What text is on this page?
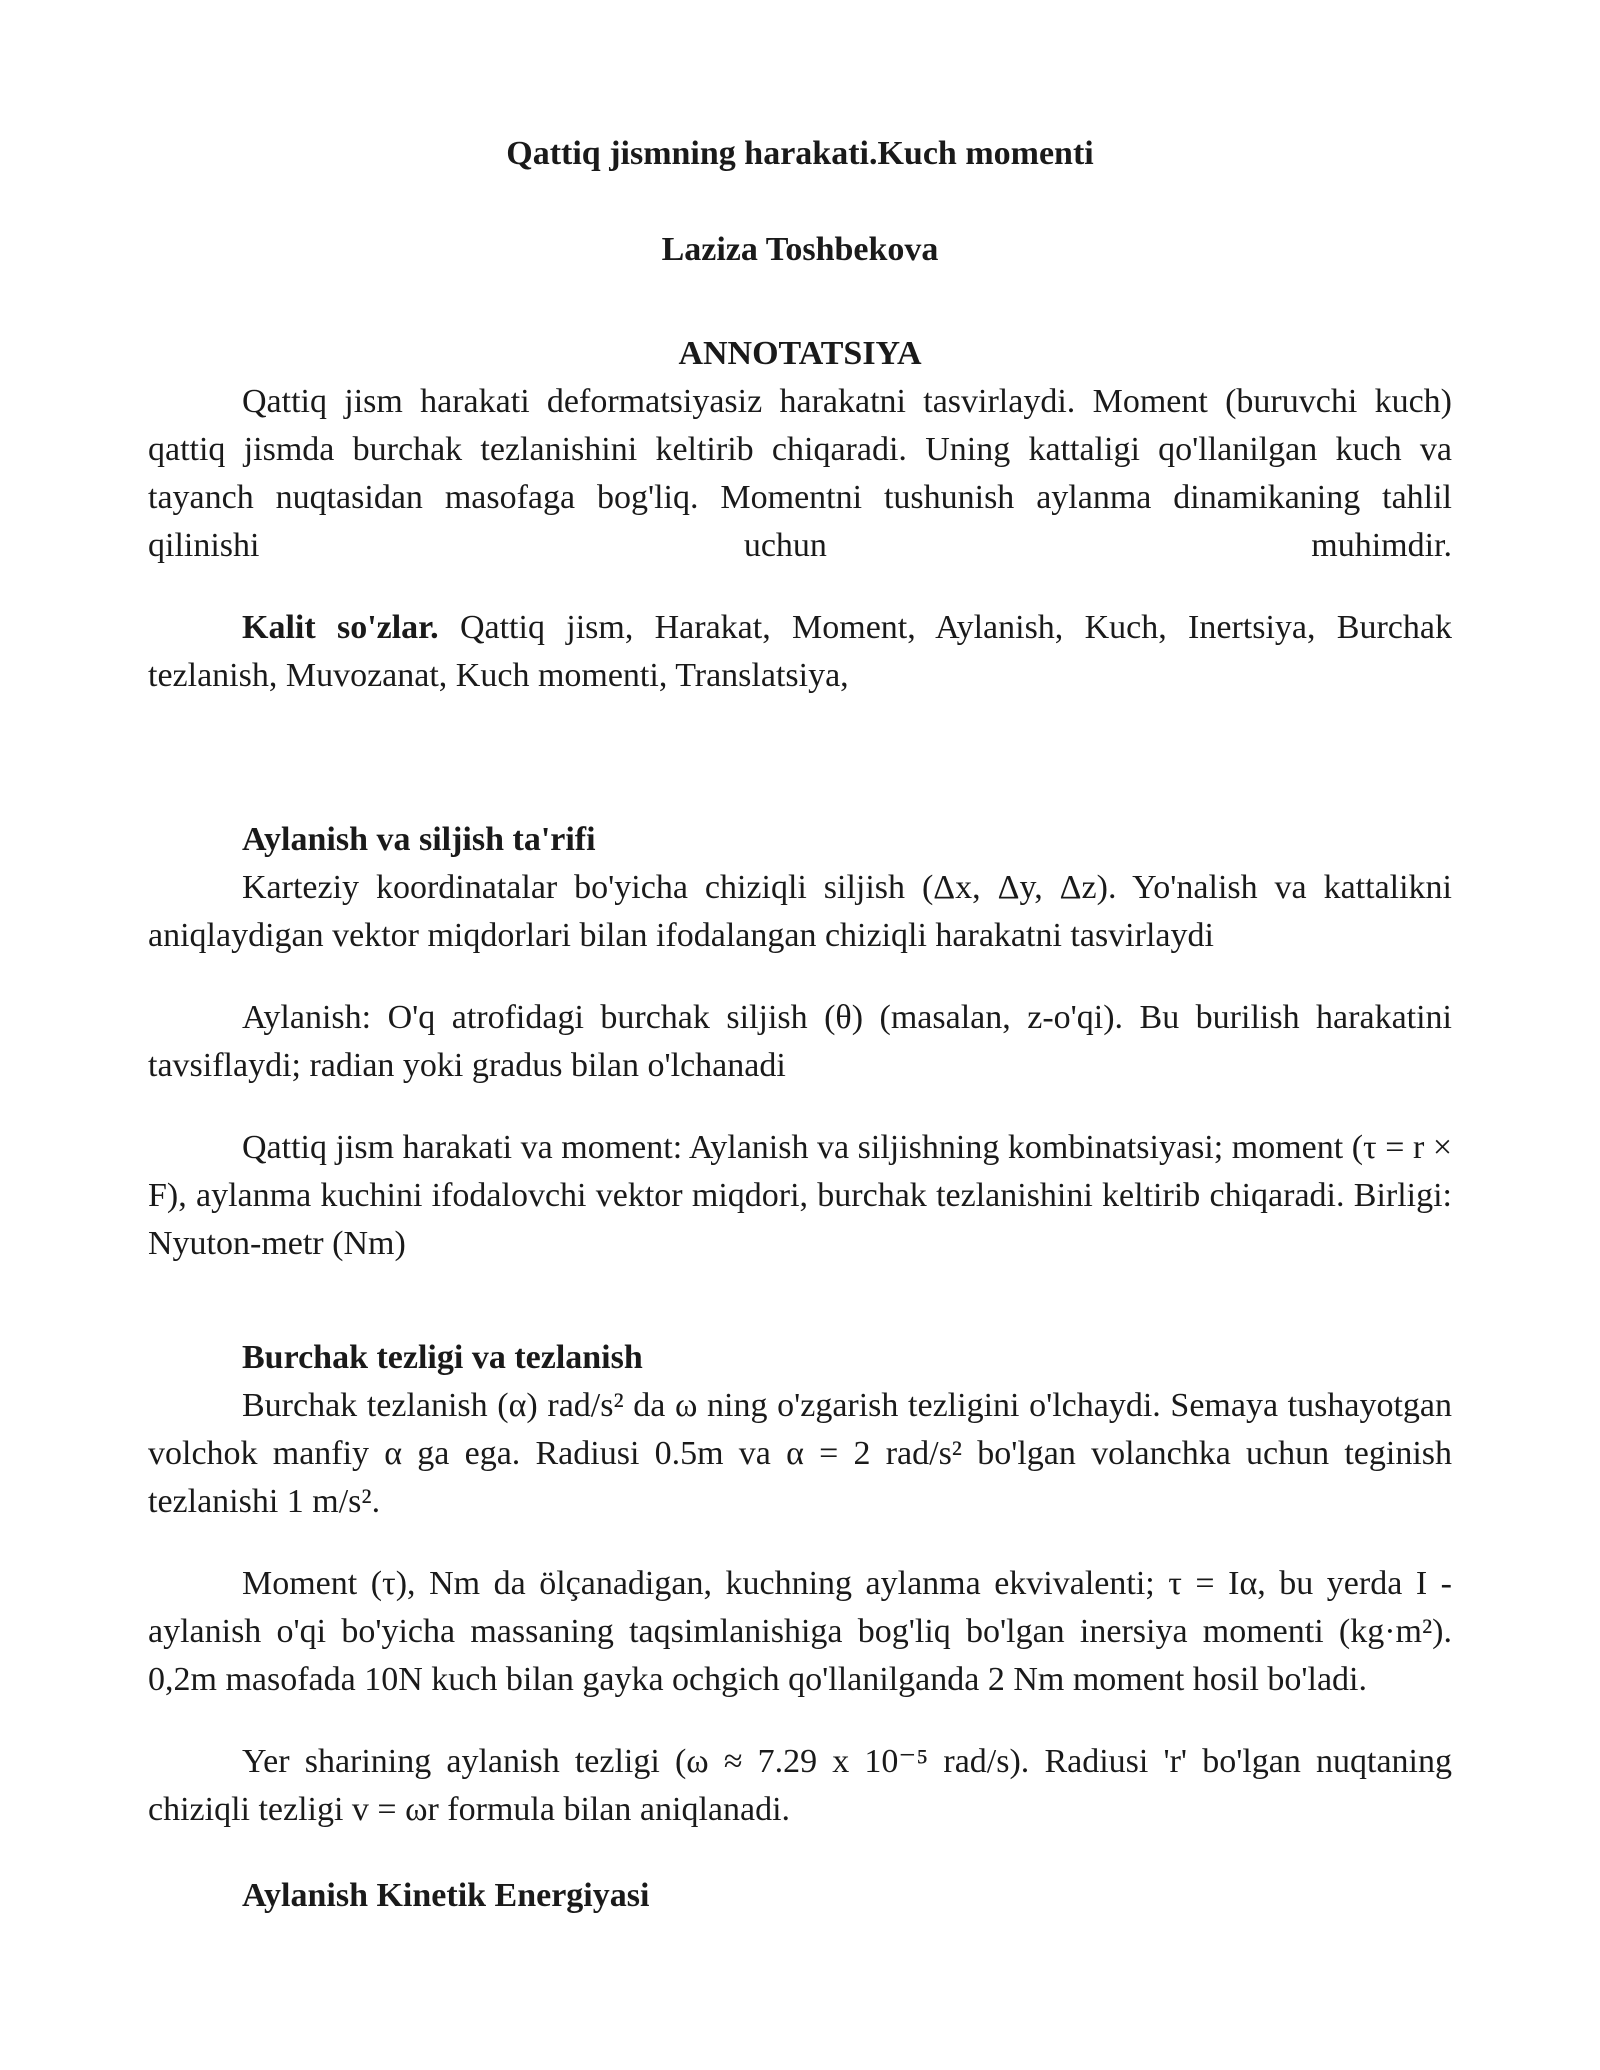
Qattiq jismning harakati.Kuch momenti
Laziza Toshbekova
ANNOTATSIYA

Qattiq jism harakati deformatsiyasiz harakatni tasvirlaydi. Moment (buruvchi kuch) qattiq jismda burchak tezlanishini keltirib chiqaradi. Uning kattaligi qo'llanilgan kuch va tayanch nuqtasidan masofaga bog'liq. Momentni tushunish aylanma dinamikaning tahlil qilinishi uchun muhimdir.

Kalit so'zlar. Qattiq jism, Harakat, Moment, Aylanish, Kuch, Inertsiya, Burchak tezlanish, Muvozanat, Kuch momenti, Translatsiya,

Aylanish va siljish ta'rifi

Karteziy koordinatalar bo'yicha chiziqli siljish (Δx, Δy, Δz). Yo'nalish va kattalikni aniqlaydigan vektor miqdorlari bilan ifodalangan chiziqli harakatni tasvirlaydi

Aylanish: O'q atrofidagi burchak siljish (θ) (masalan, z-o'qi). Bu burilish harakatini tavsiflaydi; radian yoki gradus bilan o'lchanadi

Qattiq jism harakati va moment: Aylanish va siljishning kombinatsiyasi; moment (τ = r × F), aylanma kuchini ifodalovchi vektor miqdori, burchak tezlanishini keltirib chiqaradi. Birligi: Nyuton-metr (Nm)

Burchak tezligi va tezlanish

Burchak tezlanish (α) rad/s² da ω ning o'zgarish tezligini o'lchaydi. Semaya tushayotgan volchok manfiy α ga ega. Radiusi 0.5m va α = 2 rad/s² bo'lgan volanchka uchun teginish tezlanishi 1 m/s².

Moment (τ), Nm da ölçanadigan, kuchning aylanma ekvivalenti; τ = Iα, bu yerda I - aylanish o'qi bo'yicha massaning taqsimlanishiga bog'liq bo'lgan inersiya momenti (kg·m²). 0,2m masofada 10N kuch bilan gayka ochgich qo'llanilganda 2 Nm moment hosil bo'ladi.

Yer sharining aylanish tezligi (ω ≈ 7.29 x 10⁻⁵ rad/s). Radiusi 'r' bo'lgan nuqtaning chiziqli tezligi v = ωr formula bilan aniqlanadi.

Aylanish Kinetik Energiyasi
